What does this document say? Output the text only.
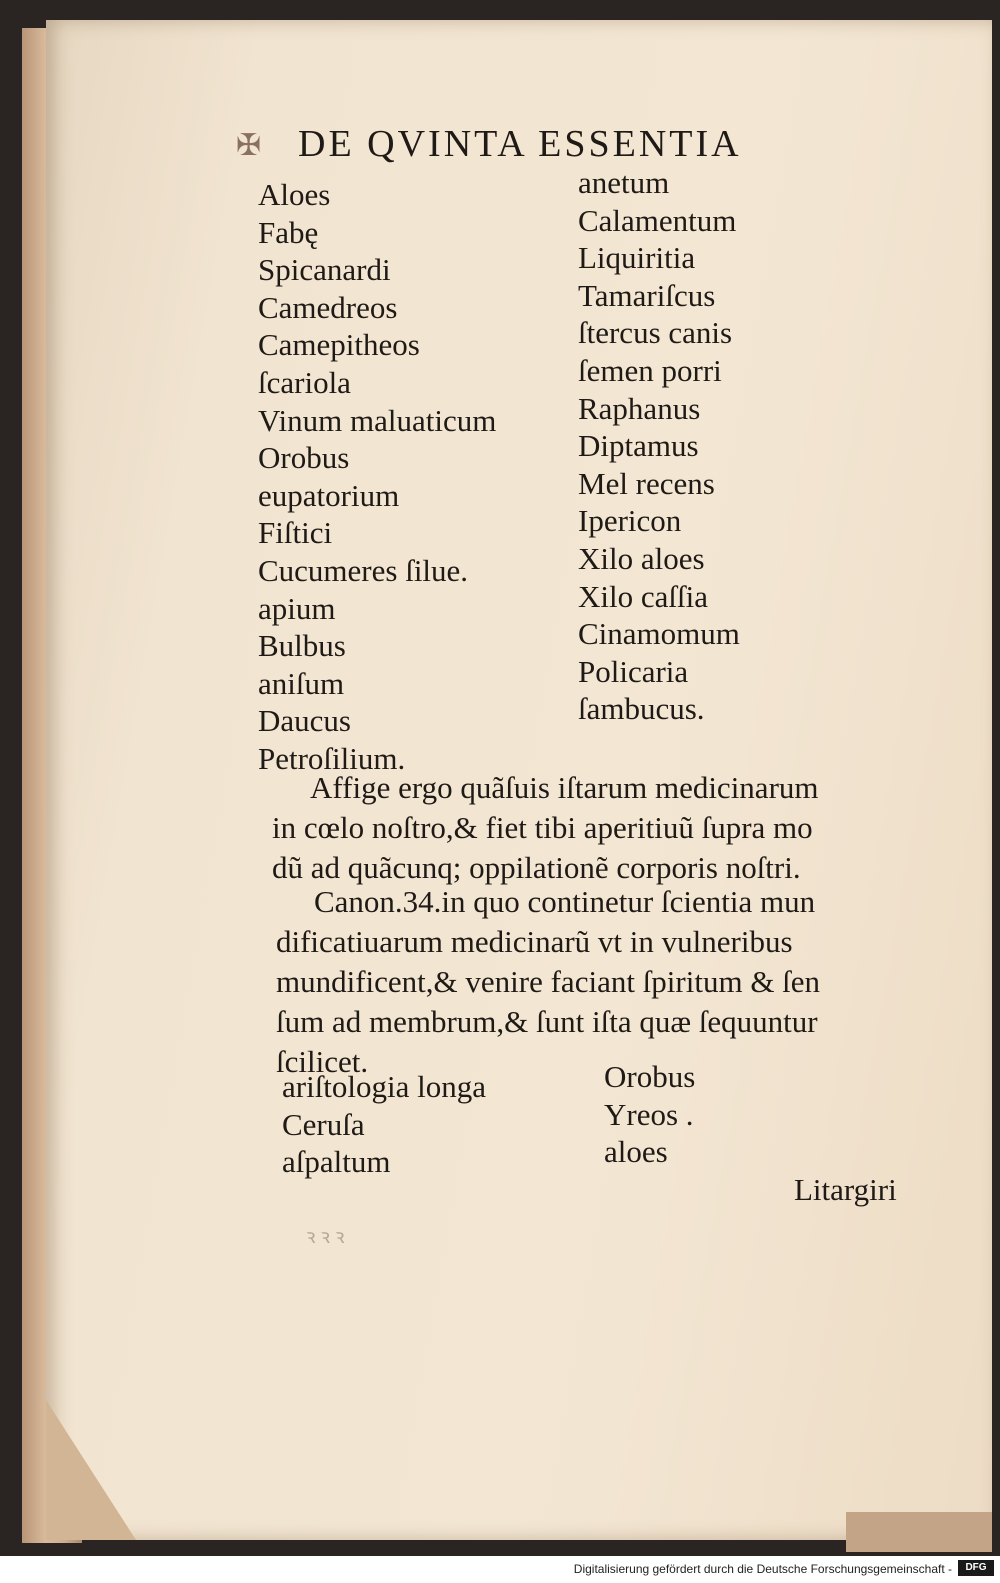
✠ DE QVINTA ESSENTIA
Aloes
Fabę
Spicanardi
Camedreos
Camepitheos
ſcariola
Vinum maluaticum
Orobus
eupatorium
Fiſtici
Cucumeres ſilue.
apium
Bulbus
aniſum
Daucus
Petroſilium.
anetum
Calamentum
Liquiritia
Tamariſcus
ſtercus canis
ſemen porri
Raphanus
Diptamus
Mel recens
Ipericon
Xilo aloes
Xilo caſſia
Cinamomum
Policaria
ſambucus.
Affige ergo quãſuis iſtarum medicinarum
in cœlo noſtro,& fiet tibi aperitiuũ ſupra mo
dũ ad quãcunq; oppilationẽ corporis noſtri.
Canon.34.in quo continetur ſcientia mun
dificatiuarum medicinarũ vt in vulneribus
mundificent,& venire faciant ſpiritum & ſen
ſum ad membrum,& ſunt iſta quæ ſequuntur
ſcilicet.
ariſtologia longa
Ceruſa
aſpaltum
Orobus
Yreos .
aloes
Litargiri
ꝛ ꝛ ꝛ
Digitalisierung gefördert durch die Deutsche Forschungsgemeinschaft -	DFG
